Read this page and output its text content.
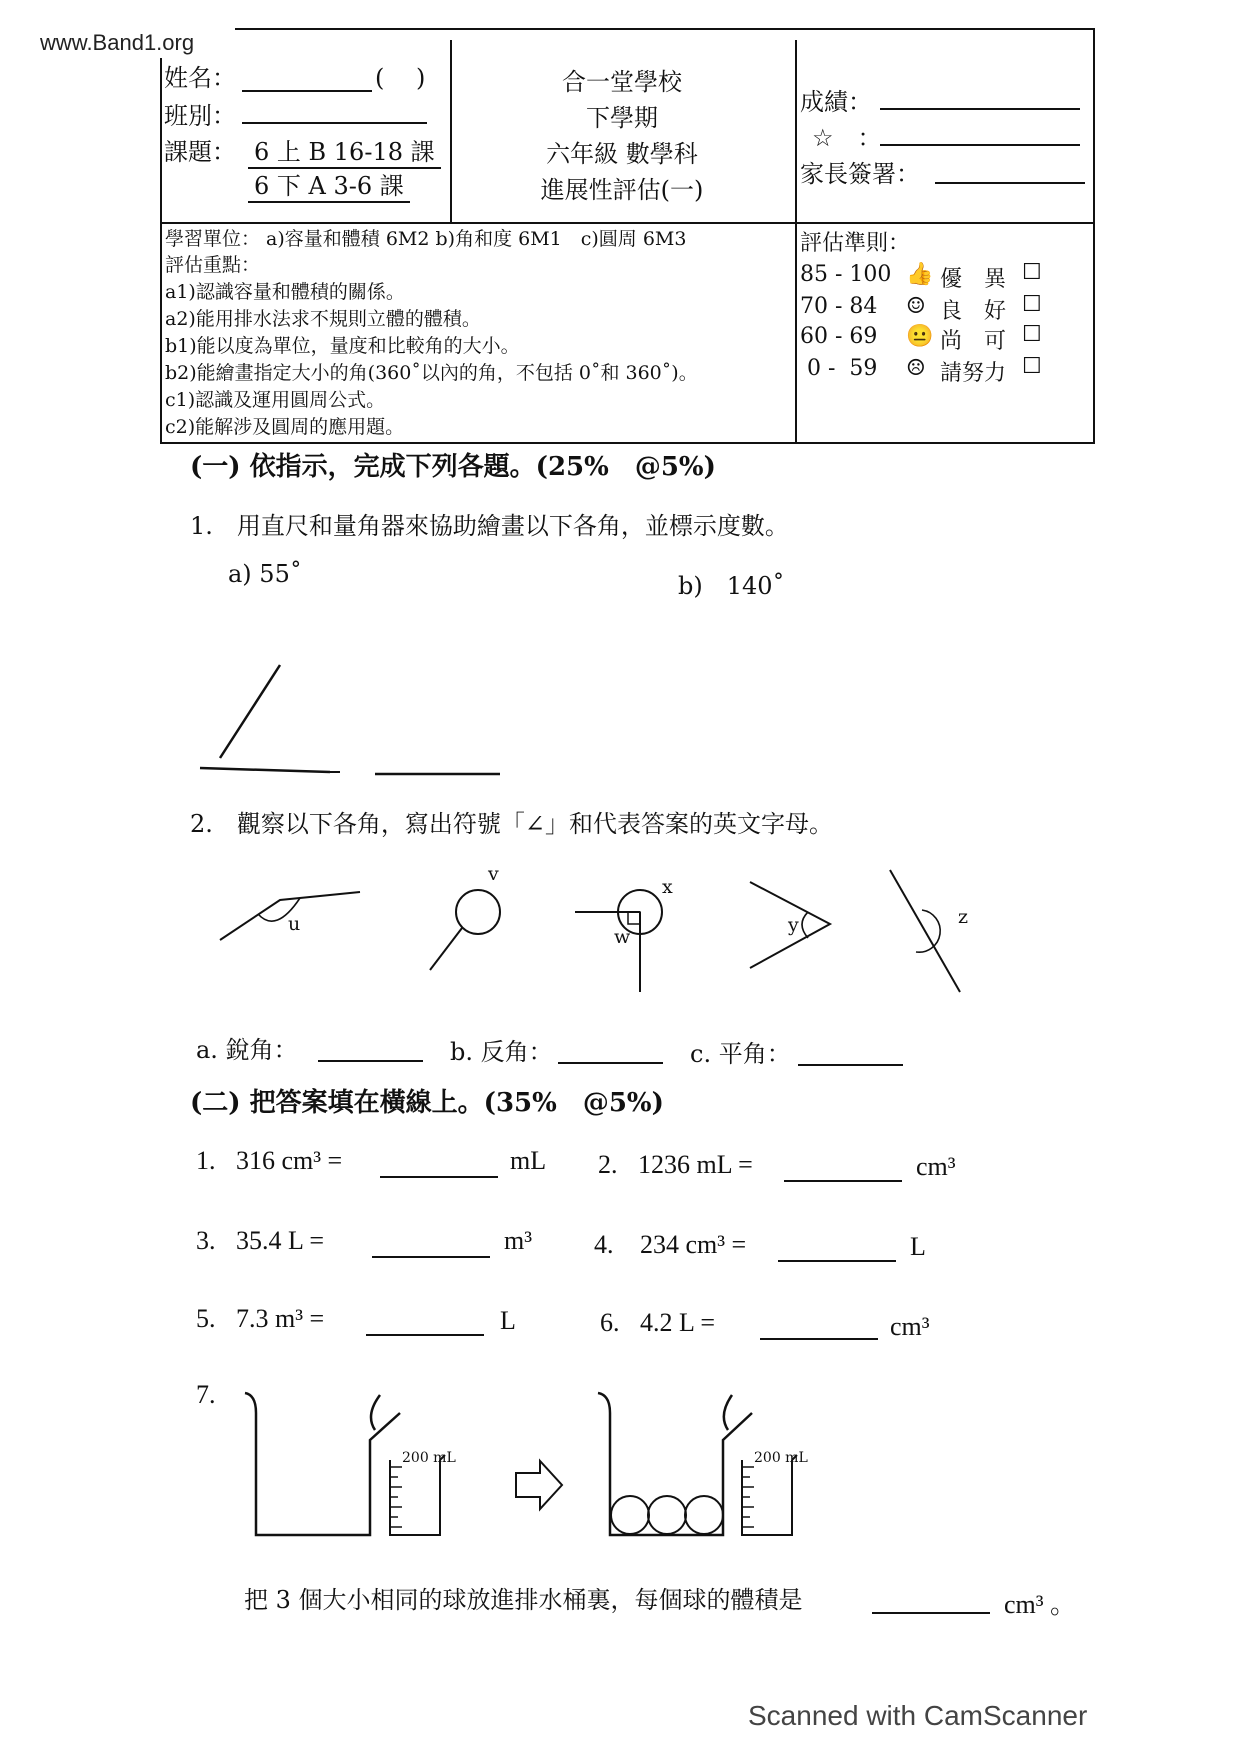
www.Band1.org
姓名：	(　 )
班別：
課題： 6 上 B 16-18 課
6 下 A 3-6 課
合一堂學校
下學期
六年級 數學科
進展性評估(一)
成績：
☆　：
家長簽署：
學習單位： a)容量和體積 6M2 b)角和度 6M1　c)圓周 6M3
評估重點：
a1)認識容量和體積的關係。
a2)能用排水法求不規則立體的體積。
b1)能以度為單位，量度和比較角的大小。
b2)能繪畫指定大小的角(360˚以內的角，不包括 0˚和 360˚)。
c1)認識及運用圓周公式。
c2)能解涉及圓周的應用題。
評估準則：
85 - 100 👍 優　異 ☐
70 - 84	☺ 良　好 ☐
60 - 69	😐 尚　可 ☐
0 -  59	☹ 請努力 ☐
(一) 依指示，完成下列各題。(25%　@5%)
1.　用直尺和量角器來協助繪畫以下各角，並標示度數。
a) 55˚	b)　140˚
2.　觀察以下各角，寫出符號「∠」和代表答案的英文字母。
u
v
w
x
y	z
a. 銳角：	b. 反角：	c. 平角：
(二) 把答案填在橫線上。(35%　@5%)
1. 316 cm³ =	mL 2. 1236 mL =	cm³
3. 35.4 L =	m³ 4. 234 cm³ =	L
5. 7.3 m³ =	L	6. 4.2 L =	cm³
7.
200 mL	200 mL
把 3 個大小相同的球放進排水桶裏，每個球的體積是	cm³ 。
Scanned with CamScanner
